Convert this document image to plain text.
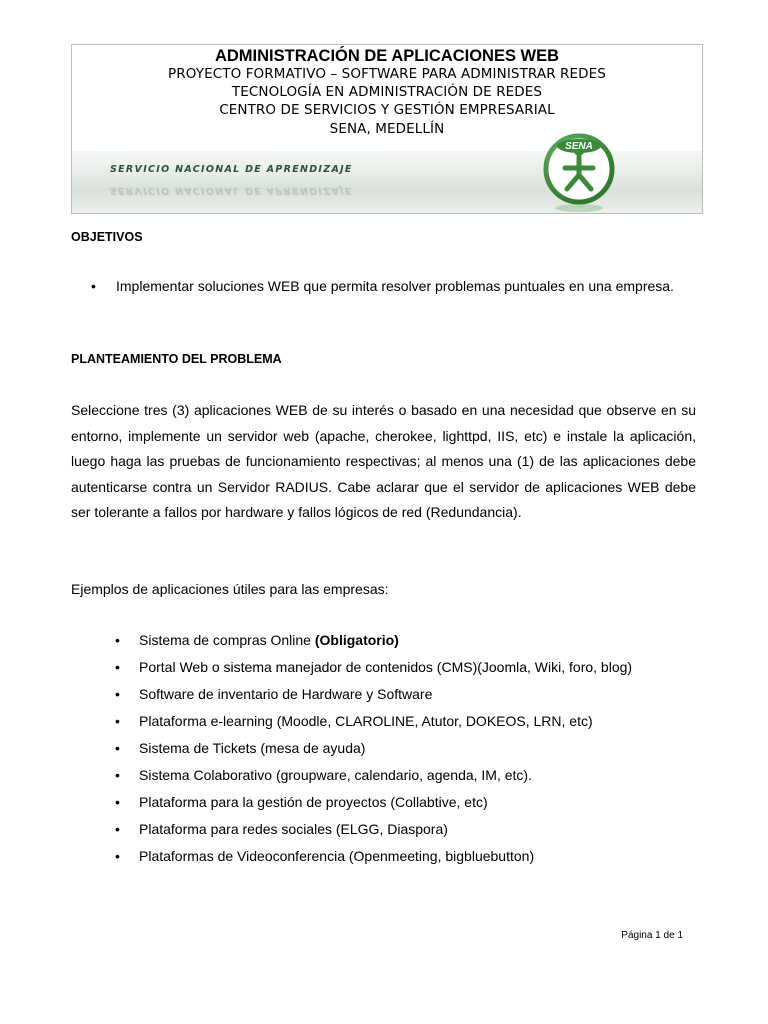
ADMINISTRACIÓN DE APLICACIONES WEB

PROYECTO FORMATIVO – SOFTWARE PARA ADMINISTRAR REDES

TECNOLOGÍA EN ADMINISTRACIÓN DE REDES

CENTRO DE SERVICIOS Y GESTIÓN EMPRESARIAL

SENA, MEDELLÍN

SERVICIO NACIONAL DE APRENDIZAJE
SERVICIO NACIONAL DE APRENDIZAJE
SENA

OBJETIVOS

• Implementar soluciones WEB que permita resolver problemas puntuales en una empresa.

PLANTEAMIENTO DEL PROBLEMA

Seleccione tres (3) aplicaciones WEB de su interés o basado en una necesidad que observe en su entorno, implemente un servidor web (apache, cherokee, lighttpd, IIS, etc) e instale la aplicación, luego haga las pruebas de funcionamiento respectivas; al menos una (1) de las aplicaciones debe autenticarse contra un Servidor RADIUS. Cabe aclarar que el servidor de aplicaciones WEB debe ser tolerante a fallos por hardware y fallos lógicos de red (Redundancia).

Ejemplos de aplicaciones útiles para las empresas:

• Sistema de compras Online (Obligatorio)
• Portal Web o sistema manejador de contenidos (CMS)(Joomla, Wiki, foro, blog)
• Software de inventario de Hardware y Software
• Plataforma e-learning (Moodle, CLAROLINE, Atutor, DOKEOS, LRN, etc)
• Sistema de Tickets (mesa de ayuda)
• Sistema Colaborativo (groupware, calendario, agenda, IM, etc).
• Plataforma para la gestión de proyectos (Collabtive, etc)
• Plataforma para redes sociales (ELGG, Diaspora)
• Plataformas de Videoconferencia (Openmeeting, bigbluebutton)
Página 1 de 1
